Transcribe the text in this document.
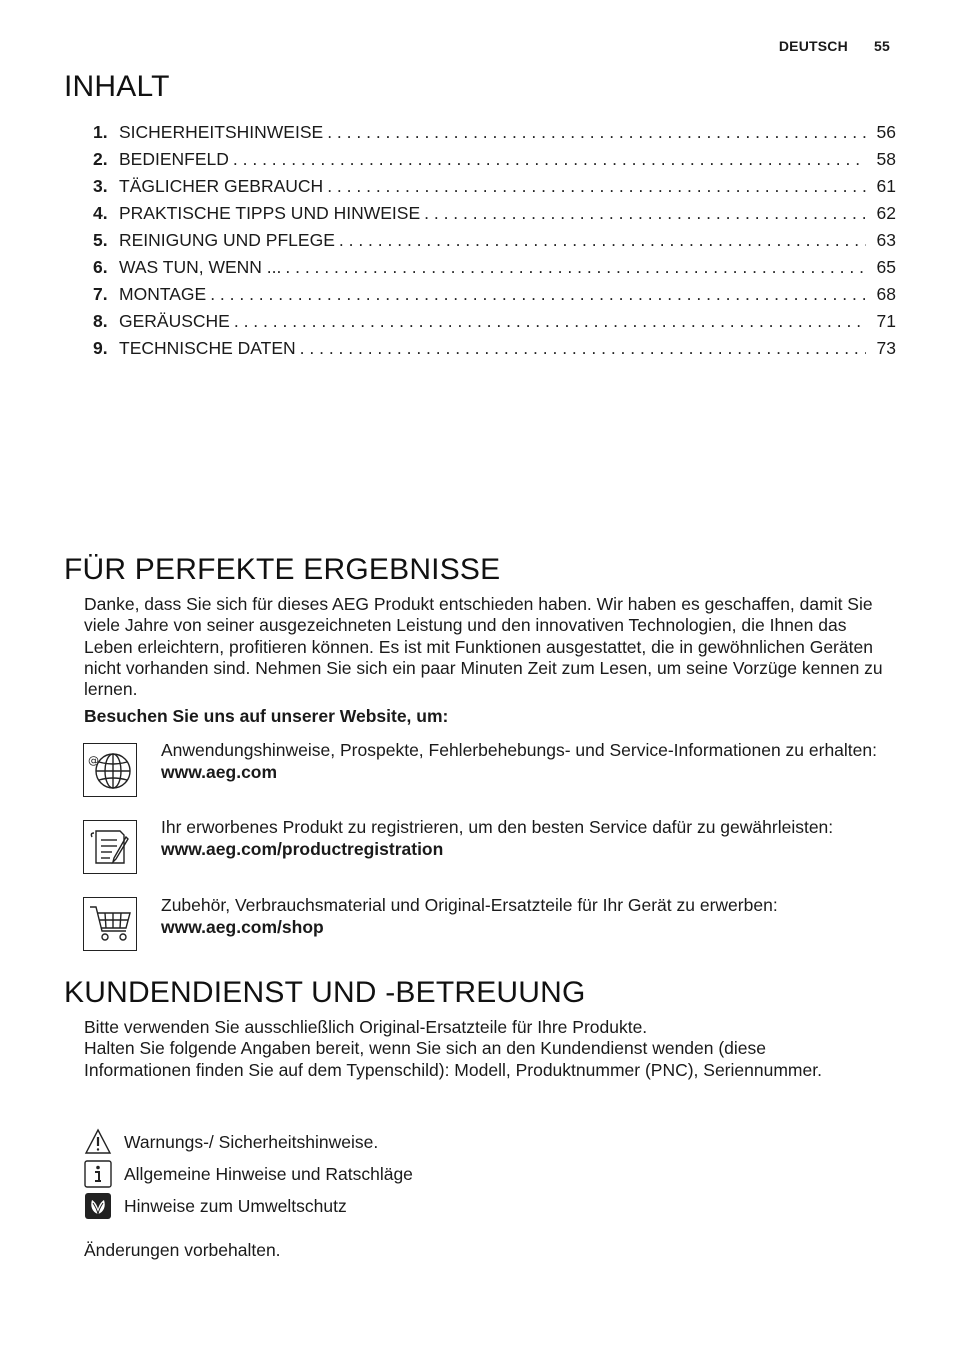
DEUTSCH 55
INHALT
1. SICHERHEITSHINWEISE . . .	56
2. BEDIENFELD . . .	58
3. TÄGLICHER GEBRAUCH . . .	61
4. PRAKTISCHE TIPPS UND HINWEISE . . .	62
5. REINIGUNG UND PFLEGE . . .	63
6. WAS TUN, WENN ... . . .	65
7. MONTAGE . . .	68
8. GERÄUSCHE . . .	71
9. TECHNISCHE DATEN . . .	73
FÜR PERFEKTE ERGEBNISSE
Danke, dass Sie sich für dieses AEG Produkt entschieden haben. Wir haben es geschaffen, damit Sie viele Jahre von seiner ausgezeichneten Leistung und den innovativen Technologien, die Ihnen das Leben erleichtern, profitieren können. Es ist mit Funktionen ausgestattet, die in gewöhnlichen Geräten nicht vorhanden sind. Nehmen Sie sich ein paar Minuten Zeit zum Lesen, um seine Vorzüge kennen zu lernen.
Besuchen Sie uns auf unserer Website, um:
@
Anwendungshinweise, Prospekte, Fehlerbehebungs- und Service-Informationen zu erhalten:
www.aeg.com
Ihr erworbenes Produkt zu registrieren, um den besten Service dafür zu gewährleisten:
www.aeg.com/productregistration
Zubehör, Verbrauchsmaterial und Original-Ersatzteile für Ihr Gerät zu erwerben:
www.aeg.com/shop
KUNDENDIENST UND -BETREUUNG
Bitte verwenden Sie ausschließlich Original-Ersatzteile für Ihre Produkte.
Halten Sie folgende Angaben bereit, wenn Sie sich an den Kundendienst wenden (diese Informationen finden Sie auf dem Typenschild): Modell, Produktnummer (PNC), Seriennummer.
Warnungs-/ Sicherheitshinweise.
Allgemeine Hinweise und Ratschläge
Hinweise zum Umweltschutz
Änderungen vorbehalten.
